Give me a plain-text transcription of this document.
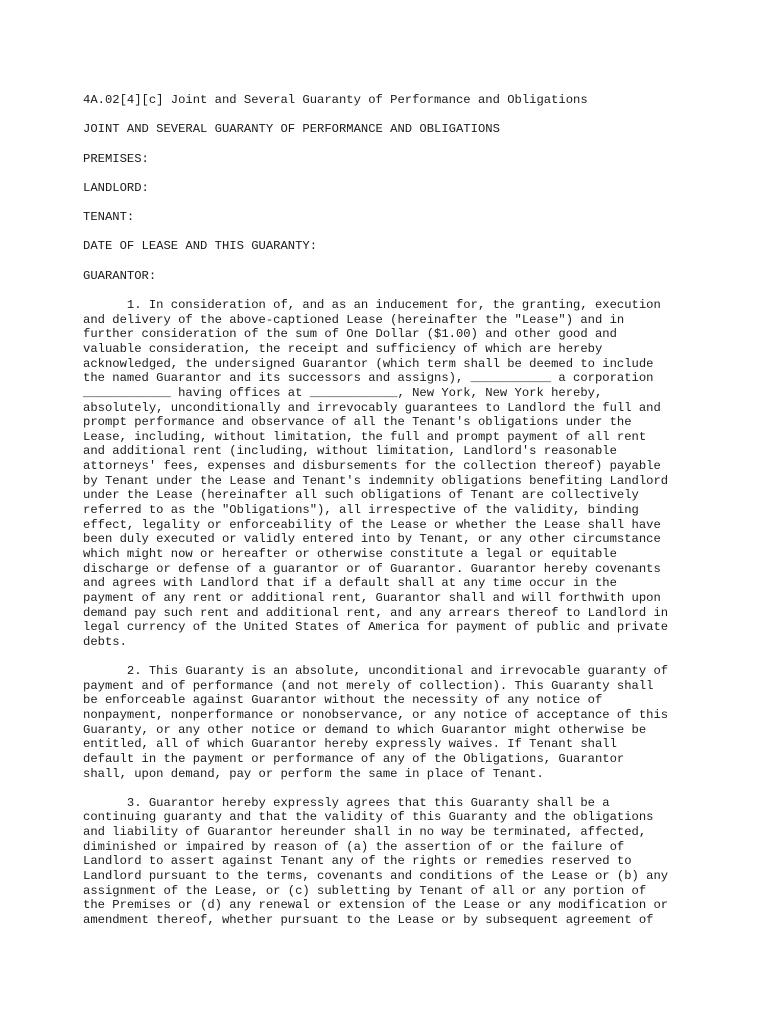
4A.02[4][c] Joint and Several Guaranty of Performance and Obligations
JOINT AND SEVERAL GUARANTY OF PERFORMANCE AND OBLIGATIONS
PREMISES:
LANDLORD:
TENANT:
DATE OF LEASE AND THIS GUARANTY:
GUARANTOR:
1. In consideration of, and as an inducement for, the granting, execution
and delivery of the above-captioned Lease (hereinafter the "Lease") and in
further consideration of the sum of One Dollar ($1.00) and other good and
valuable consideration, the receipt and sufficiency of which are hereby
acknowledged, the undersigned Guarantor (which term shall be deemed to include
the named Guarantor and its successors and assigns), ___________ a corporation
____________ having offices at ____________, New York, New York hereby,
absolutely, unconditionally and irrevocably guarantees to Landlord the full and
prompt performance and observance of all the Tenant's obligations under the
Lease, including, without limitation, the full and prompt payment of all rent
and additional rent (including, without limitation, Landlord's reasonable
attorneys' fees, expenses and disbursements for the collection thereof) payable
by Tenant under the Lease and Tenant's indemnity obligations benefiting Landlord
under the Lease (hereinafter all such obligations of Tenant are collectively
referred to as the "Obligations"), all irrespective of the validity, binding
effect, legality or enforceability of the Lease or whether the Lease shall have
been duly executed or validly entered into by Tenant, or any other circumstance
which might now or hereafter or otherwise constitute a legal or equitable
discharge or defense of a guarantor or of Guarantor. Guarantor hereby covenants
and agrees with Landlord that if a default shall at any time occur in the
payment of any rent or additional rent, Guarantor shall and will forthwith upon
demand pay such rent and additional rent, and any arrears thereof to Landlord in
legal currency of the United States of America for payment of public and private
debts.
2. This Guaranty is an absolute, unconditional and irrevocable guaranty of
payment and of performance (and not merely of collection). This Guaranty shall
be enforceable against Guarantor without the necessity of any notice of
nonpayment, nonperformance or nonobservance, or any notice of acceptance of this
Guaranty, or any other notice or demand to which Guarantor might otherwise be
entitled, all of which Guarantor hereby expressly waives. If Tenant shall
default in the payment or performance of any of the Obligations, Guarantor
shall, upon demand, pay or perform the same in place of Tenant.
3. Guarantor hereby expressly agrees that this Guaranty shall be a
continuing guaranty and that the validity of this Guaranty and the obligations
and liability of Guarantor hereunder shall in no way be terminated, affected,
diminished or impaired by reason of (a) the assertion of or the failure of
Landlord to assert against Tenant any of the rights or remedies reserved to
Landlord pursuant to the terms, covenants and conditions of the Lease or (b) any
assignment of the Lease, or (c) subletting by Tenant of all or any portion of
the Premises or (d) any renewal or extension of the Lease or any modification or
amendment thereof, whether pursuant to the Lease or by subsequent agreement of
